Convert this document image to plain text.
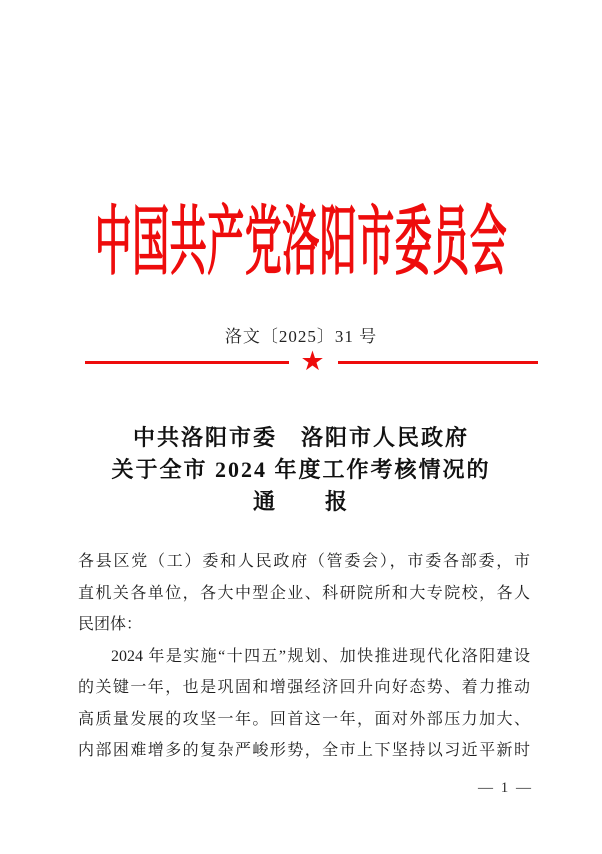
中国共产党洛阳市委员会
洛文〔2025〕31 号
★
中共洛阳市委　洛阳市人民政府
关于全市 2024 年度工作考核情况的
通　　报
各县区党（工）委和人民政府（管委会），市委各部委，市
直机关各单位，各大中型企业、科研院所和大专院校，各人
民团体：
2024 年是实施“十四五”规划、加快推进现代化洛阳建设
的关键一年，也是巩固和增强经济回升向好态势、着力推动
高质量发展的攻坚一年。回首这一年，面对外部压力加大、
内部困难增多的复杂严峻形势，全市上下坚持以习近平新时
— 1 —
